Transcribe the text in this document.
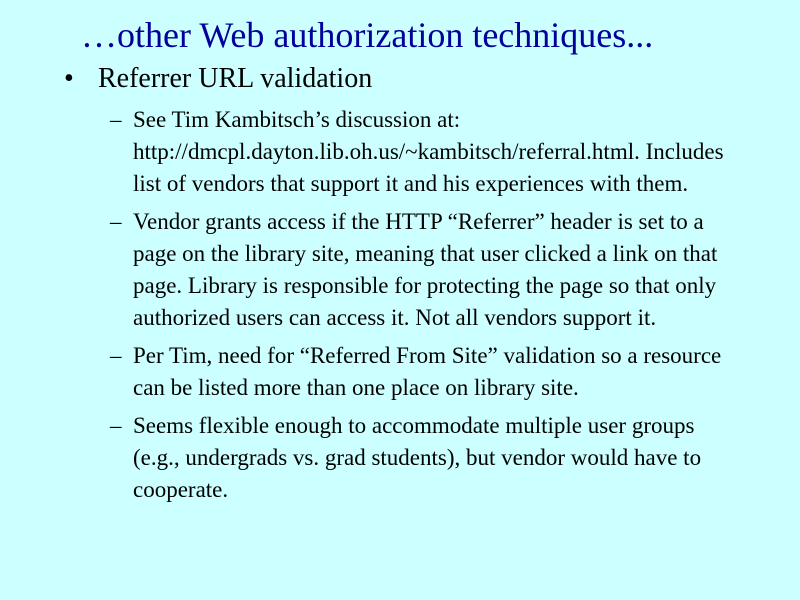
…other Web authorization techniques...
• Referrer URL validation
– See Tim Kambitsch’s discussion at: http://dmcpl.dayton.lib.oh.us/~kambitsch/referral.html. Includes list of vendors that support it and his experiences with them.
– Vendor grants access if the HTTP “Referrer” header is set to a page on the library site, meaning that user clicked a link on that page. Library is responsible for protecting the page so that only authorized users can access it. Not all vendors support it.
– Per Tim, need for “Referred From Site” validation so a resource can be listed more than one place on library site.
– Seems flexible enough to accommodate multiple user groups (e.g., undergrads vs. grad students), but vendor would have to cooperate.
